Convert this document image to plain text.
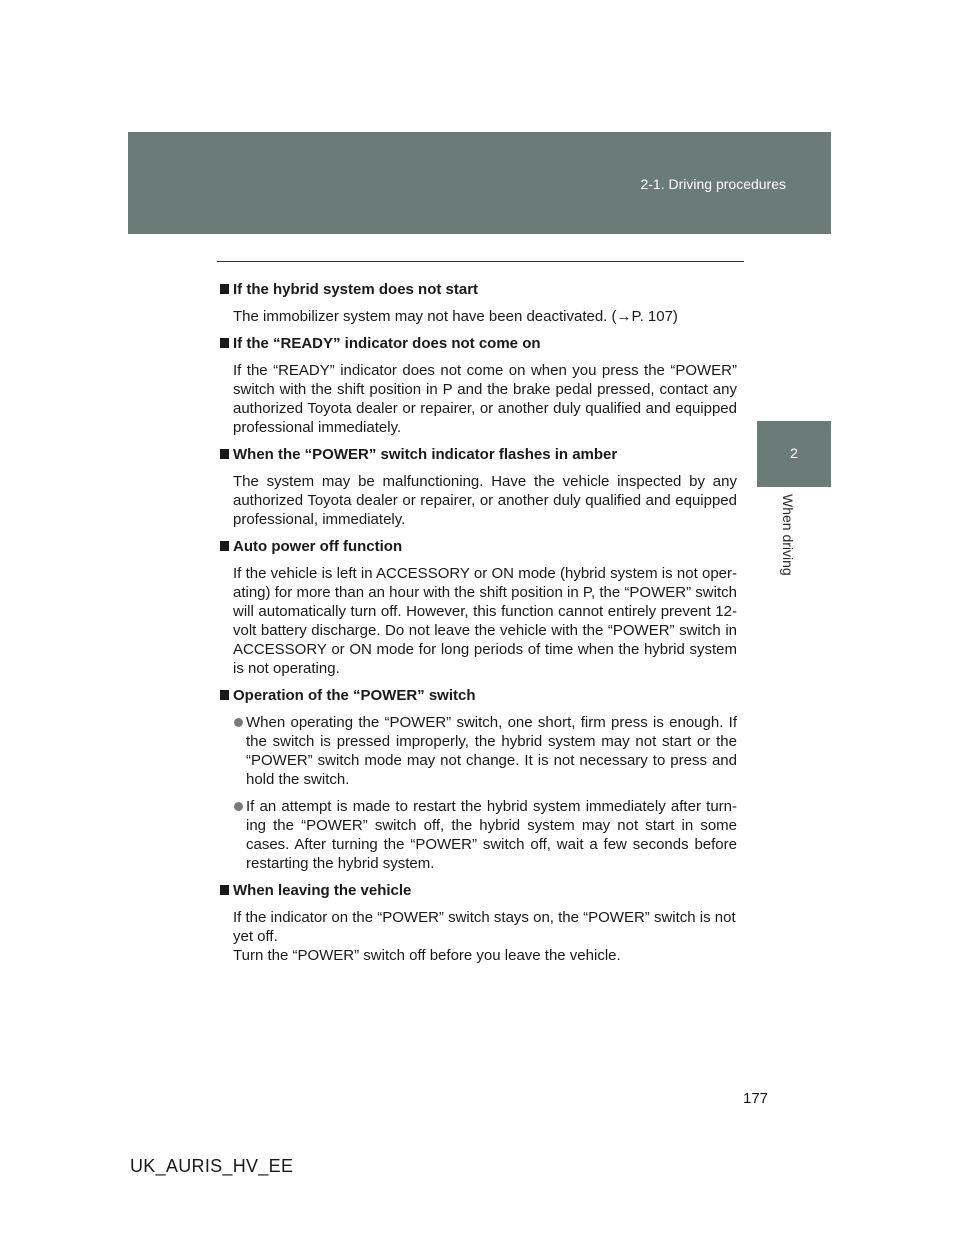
2-1. Driving procedures
2
When driving
If the hybrid system does not start
The immobilizer system may not have been deactivated. (→P. 107)
If the “READY” indicator does not come on
If the “READY” indicator does not come on when you press the “POWER” switch with the shift position in P and the brake pedal pressed, contact any authorized Toyota dealer or repairer, or another duly qualified and equipped professional immediately.
When the “POWER” switch indicator flashes in amber
The system may be malfunctioning. Have the vehicle inspected by any authorized Toyota dealer or repairer, or another duly qualified and equipped professional, immediately.
Auto power off function
If the vehicle is left in ACCESSORY or ON mode (hybrid system is not oper-ating) for more than an hour with the shift position in P, the “POWER” switch will automatically turn off. However, this function cannot entirely prevent 12-volt battery discharge. Do not leave the vehicle with the “POWER” switch in ACCESSORY or ON mode for long periods of time when the hybrid system is not operating.
Operation of the “POWER” switch
When operating the “POWER” switch, one short, firm press is enough. If the switch is pressed improperly, the hybrid system may not start or the “POWER” switch mode may not change. It is not necessary to press and hold the switch.
If an attempt is made to restart the hybrid system immediately after turn-ing the “POWER” switch off, the hybrid system may not start in some cases. After turning the “POWER” switch off, wait a few seconds before restarting the hybrid system.
When leaving the vehicle
If the indicator on the “POWER” switch stays on, the “POWER” switch is not yet off.
Turn the “POWER” switch off before you leave the vehicle.
177
UK_AURIS_HV_EE
